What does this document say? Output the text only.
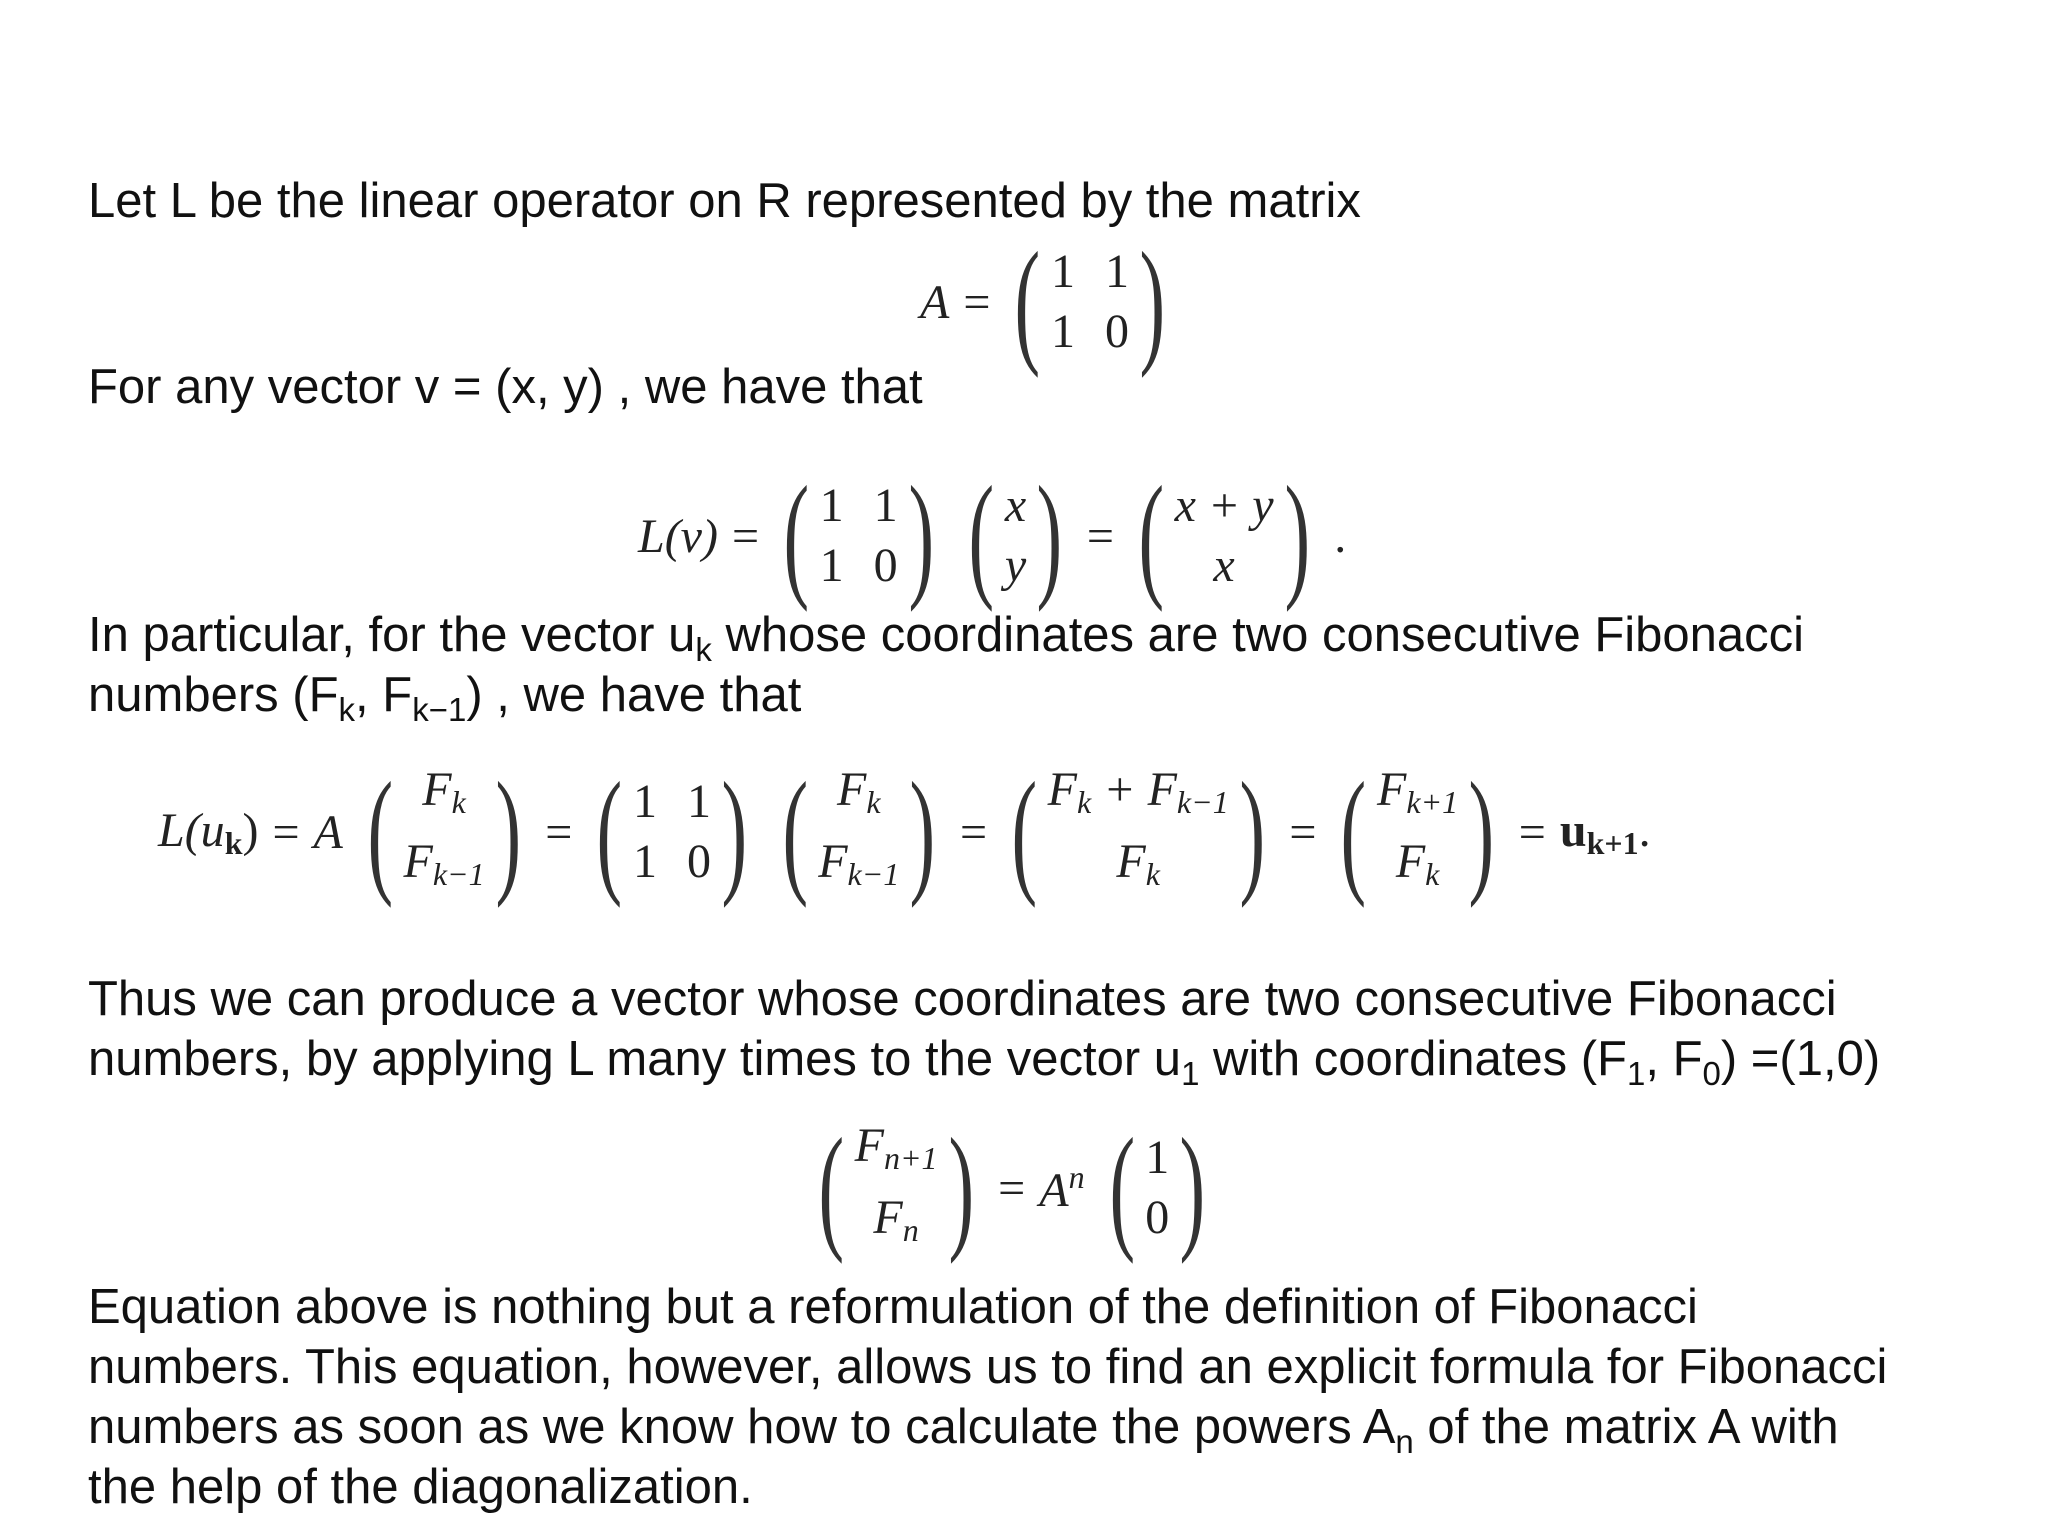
Let L be the linear operator on R represented by the matrix
A = ( 1 1
1 0 )
For any vector v = (x, y) , we have that
L(v) = ( 1 1
1 0 ) ( x
y ) = ( x + y
x ) .
In particular, for the vector $u_k$ whose coordinates are two consecutive Fibonacci
numbers ($F_k$, $F_{k-1}$) , we have that
$L(u_k) = A$ ( $F_k$
$F_{k-1}$ ) = ( 1 1
1 0 ) ( $F_k$
$F_{k-1}$ ) = ( $F_k + F_{k-1}$
$F_k$ ) = ( $F_{k+1}$
$F_k$ ) = $u_{k+1}$.
Thus we can produce a vector whose coordinates are two consecutive Fibonacci
numbers, by applying L many times to the vector $u_1$ with coordinates ($F_1$, $F_0) =(1,0)$
( $F_{n+1}$
$F_n$ ) = $A^n$ ( 1
0 )
Equation above is nothing but a reformulation of the definition of Fibonacci
numbers. This equation, however, allows us to find an explicit formula for Fibonacci
numbers as soon as we know how to calculate the powers $A_n$ of the matrix A with
the help of the diagonalization.
